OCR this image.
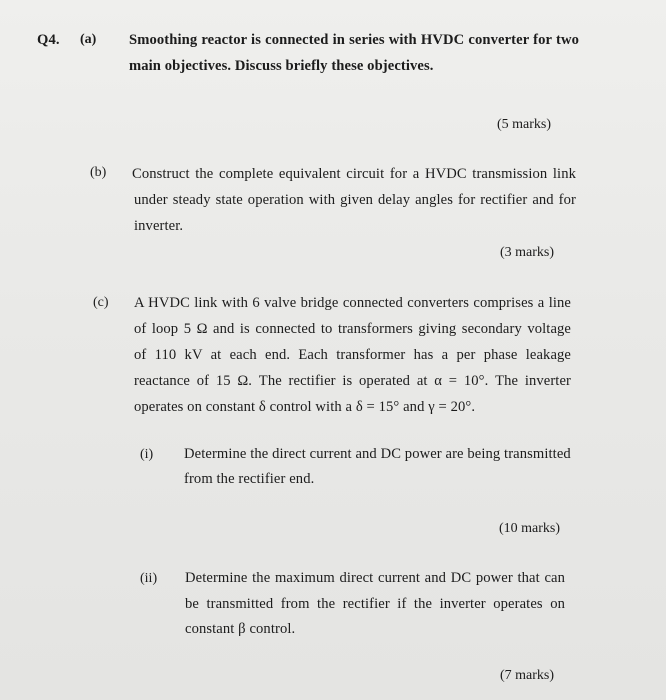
Q4. (a) Smoothing reactor is connected in series with HVDC converter for two
main objectives. Discuss briefly these objectives.
(5 marks)
(b) Construct the complete equivalent circuit for a HVDC transmission link
under steady state operation with given delay angles for rectifier and for
inverter.
(3 marks)
(c) A HVDC link with 6 valve bridge connected converters comprises a line
of loop 5 Ω and is connected to transformers giving secondary voltage
of 110 kV at each end. Each transformer has a per phase leakage
reactance of 15 Ω. The rectifier is operated at α = 10°. The inverter
operates on constant δ control with a δ = 15° and γ = 20°.
(i) Determine the direct current and DC power are being transmitted
from the rectifier end.
(10 marks)
(ii) Determine the maximum direct current and DC power that can
be transmitted from the rectifier if the inverter operates on
constant β control.
(7 marks)
